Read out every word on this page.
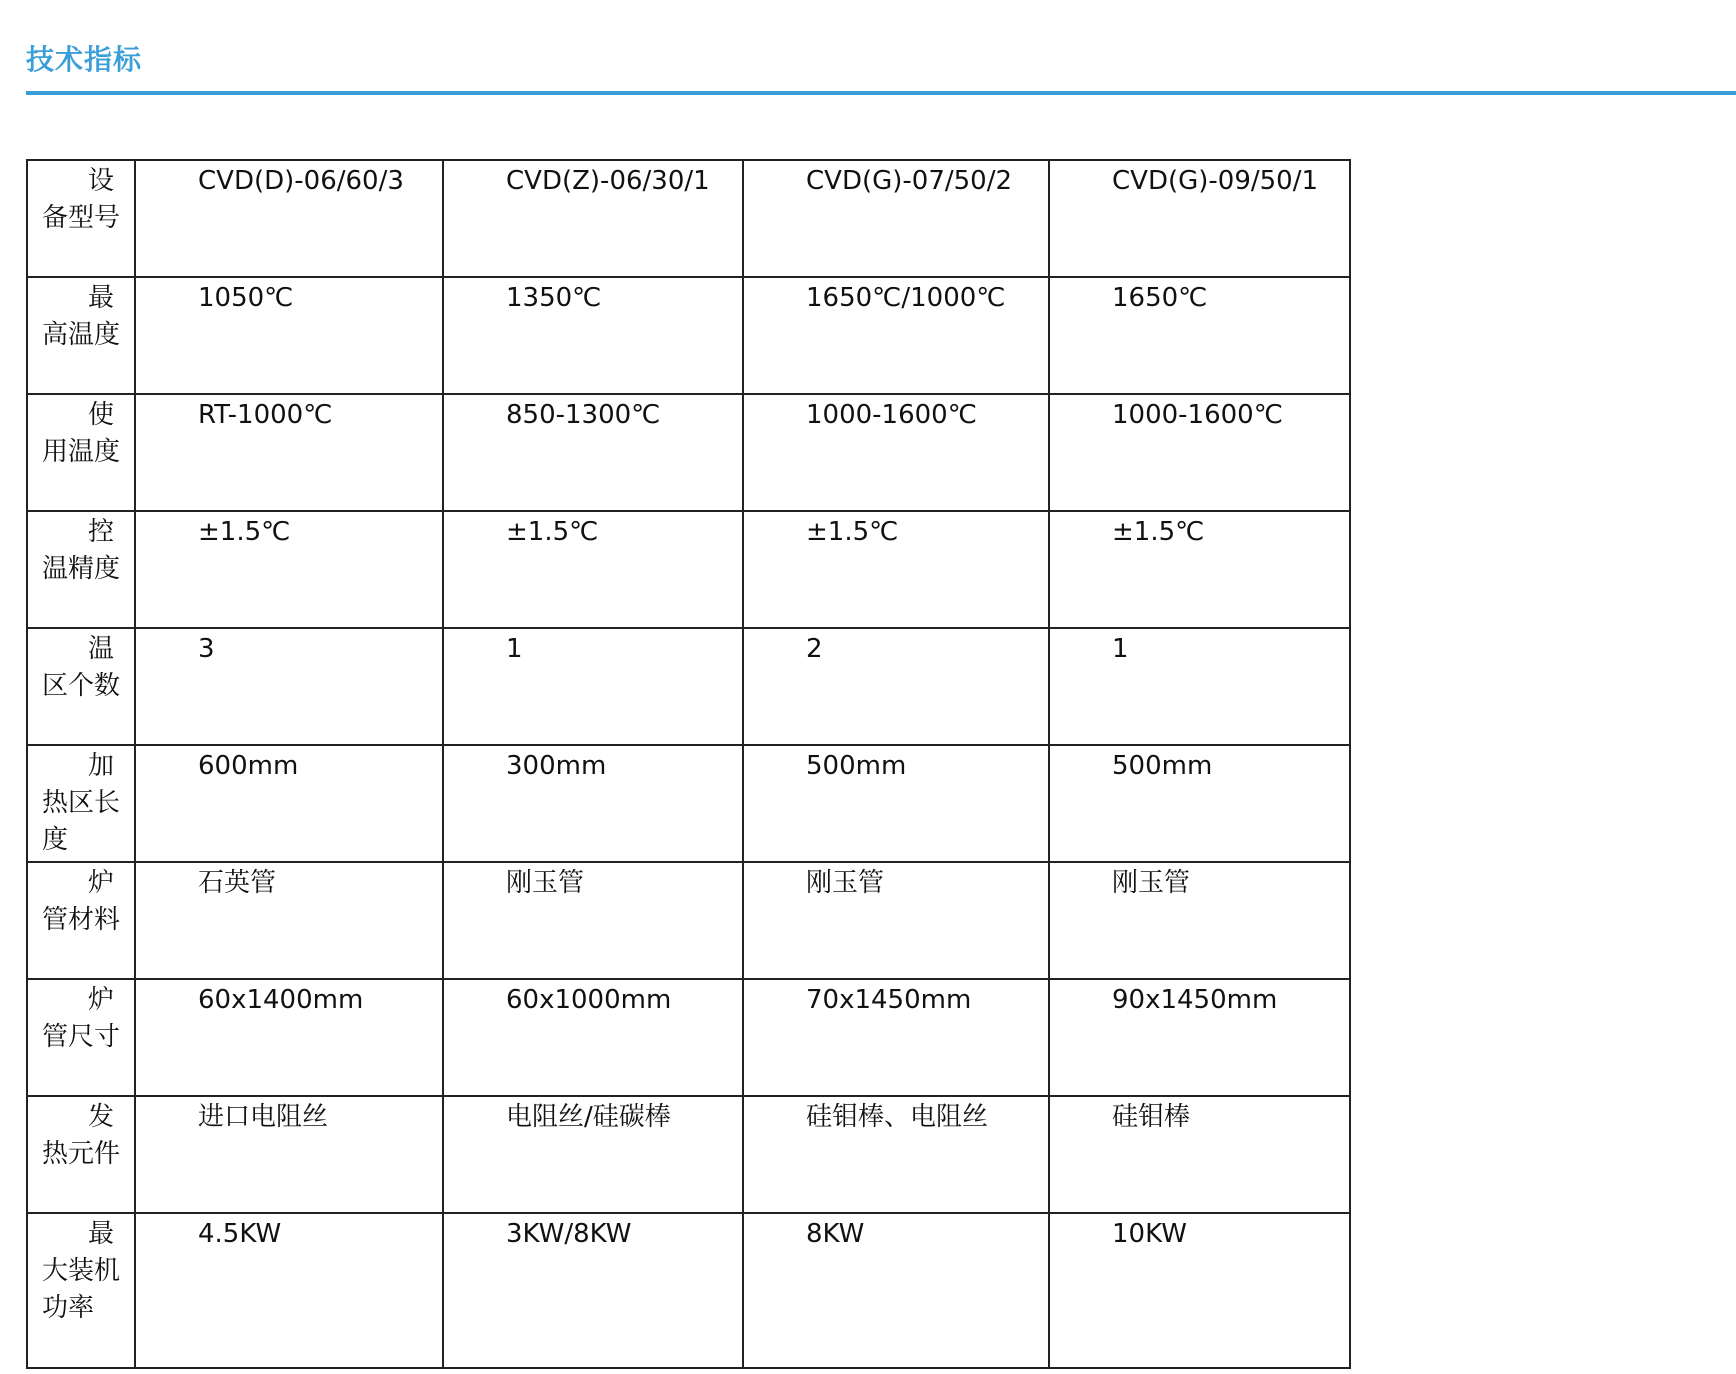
技术指标
设备型号	CVD(D)-06/60/3	CVD(Z)-06/30/1	CVD(G)-07/50/2	CVD(G)-09/50/1

最高温度	1050℃	1350℃	1650℃/1000℃	1650℃

使用温度	RT-1000℃	850-1300℃	1000-1600℃	1000-1600℃

控温精度	±1.5℃	±1.5℃	±1.5℃	±1.5℃

温区个数	3	1	2	1

加热区长度	600mm	300mm	500mm	500mm

炉管材料	石英管	刚玉管	刚玉管	刚玉管

炉管尺寸	60x1400mm	60x1000mm	70x1450mm	90x1450mm

发热元件	进口电阻丝	电阻丝/硅碳棒	硅钼棒、电阻丝	硅钼棒

最大装机功率	4.5KW	3KW/8KW	8KW	10KW
